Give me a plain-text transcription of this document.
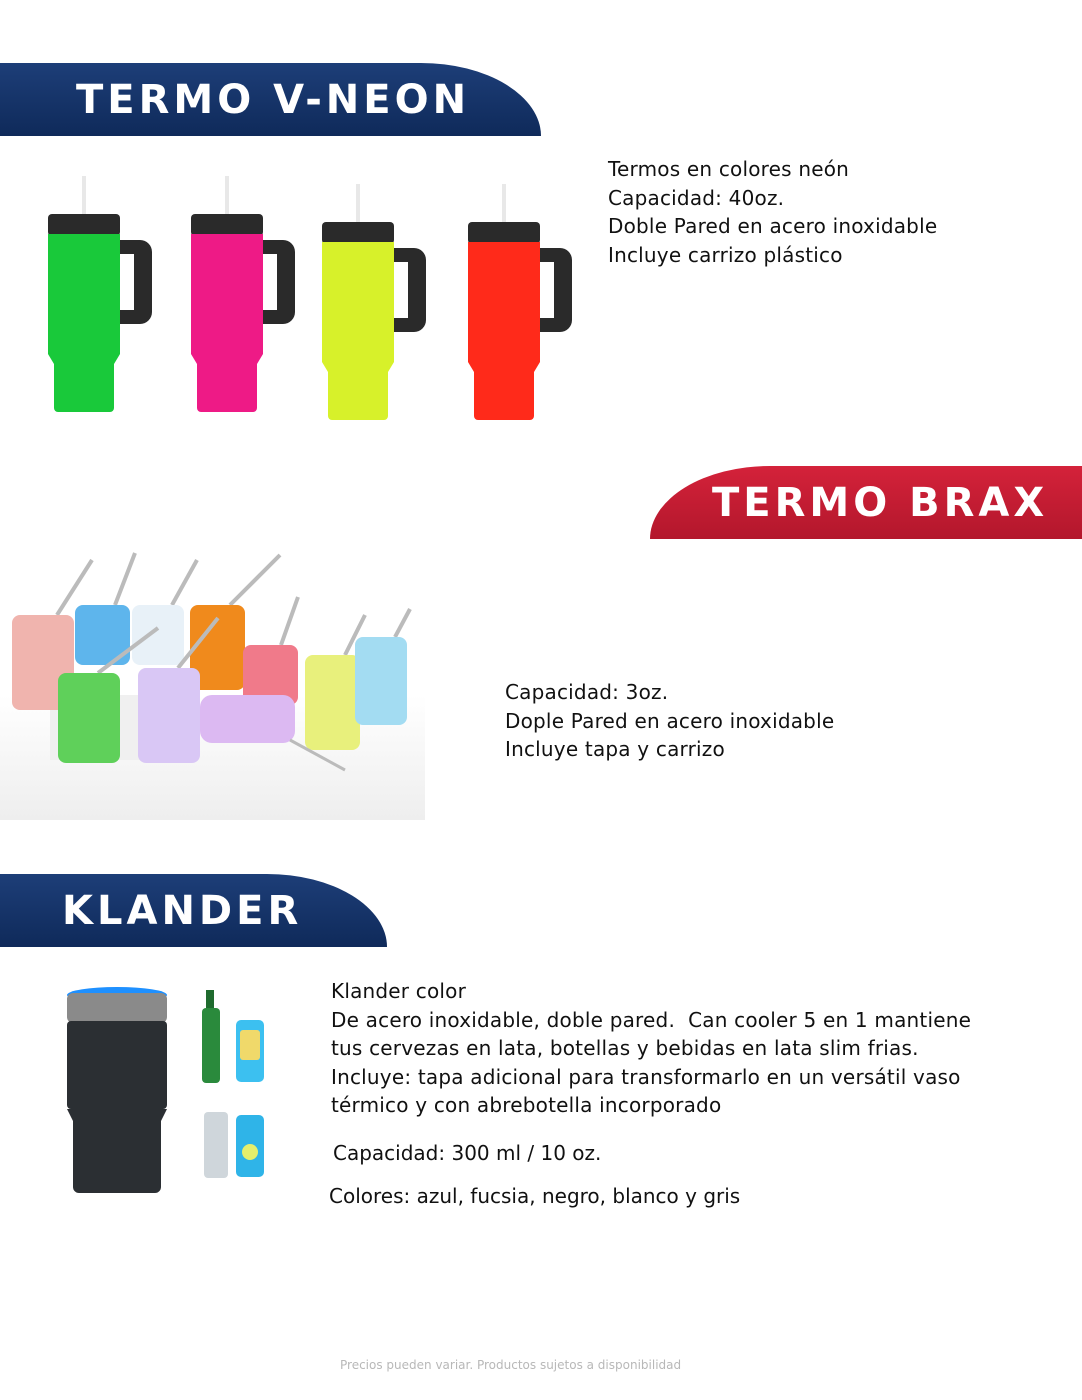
TERMO V-NEON
Termos en colores neón
Capacidad: 40oz.
Doble Pared en acero inoxidable
Incluye carrizo plástico
TERMO BRAX
Capacidad: 3oz.
Dople Pared en acero inoxidable
Incluye tapa y carrizo
KLANDER
Klander color
De acero inoxidable, doble pared.  Can cooler 5 en 1 mantiene
tus cervezas en lata, botellas y bebidas en lata slim frias.
Incluye: tapa adicional para transformarlo en un versátil vaso
térmico y con abrebotella incorporado
Capacidad: 300 ml / 10 oz.
Colores: azul, fucsia, negro, blanco y gris
Precios pueden variar. Productos sujetos a disponibilidad
